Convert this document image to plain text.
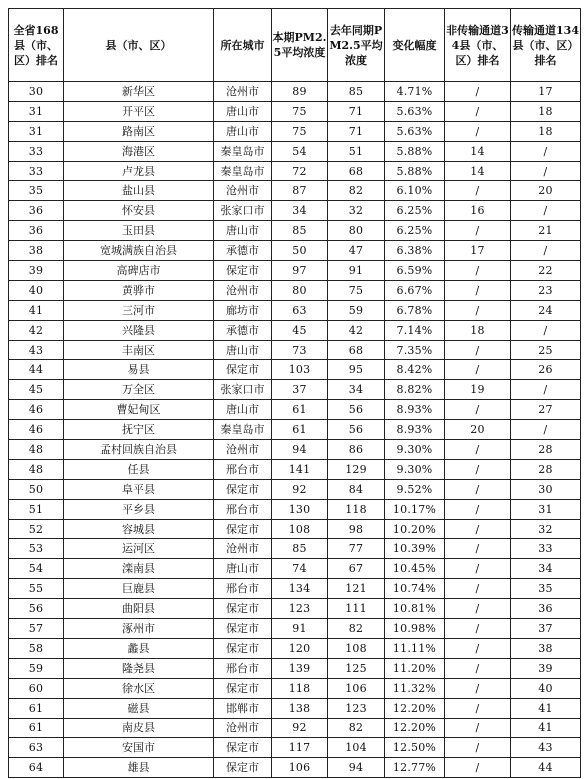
全省168县（市、区）排名	县（市、区）	所在城市	本期PM2.5平均浓度	去年同期PM2.5平均浓度	变化幅度	非传输通道34县（市、区）排名	传输通道134县（市、区）排名
30	新华区	沧州市	89	85	4.71%	/	17
31	开平区	唐山市	75	71	5.63%	/	18
31	路南区	唐山市	75	71	5.63%	/	18
33	海港区	秦皇岛市	54	51	5.88%	14	/
33	卢龙县	秦皇岛市	72	68	5.88%	14	/
35	盐山县	沧州市	87	82	6.10%	/	20
36	怀安县	张家口市	34	32	6.25%	16	/
36	玉田县	唐山市	85	80	6.25%	/	21
38	宽城满族自治县	承德市	50	47	6.38%	17	/
39	高碑店市	保定市	97	91	6.59%	/	22
40	黄骅市	沧州市	80	75	6.67%	/	23
41	三河市	廊坊市	63	59	6.78%	/	24
42	兴隆县	承德市	45	42	7.14%	18	/
43	丰南区	唐山市	73	68	7.35%	/	25
44	易县	保定市	103	95	8.42%	/	26
45	万全区	张家口市	37	34	8.82%	19	/
46	曹妃甸区	唐山市	61	56	8.93%	/	27
46	抚宁区	秦皇岛市	61	56	8.93%	20	/
48	孟村回族自治县	沧州市	94	86	9.30%	/	28
48	任县	邢台市	141	129	9.30%	/	28
50	阜平县	保定市	92	84	9.52%	/	30
51	平乡县	邢台市	130	118	10.17%	/	31
52	容城县	保定市	108	98	10.20%	/	32
53	运河区	沧州市	85	77	10.39%	/	33
54	滦南县	唐山市	74	67	10.45%	/	34
55	巨鹿县	邢台市	134	121	10.74%	/	35
56	曲阳县	保定市	123	111	10.81%	/	36
57	涿州市	保定市	91	82	10.98%	/	37
58	蠡县	保定市	120	108	11.11%	/	38
59	隆尧县	邢台市	139	125	11.20%	/	39
60	徐水区	保定市	118	106	11.32%	/	40
61	磁县	邯郸市	138	123	12.20%	/	41
61	南皮县	沧州市	92	82	12.20%	/	41
63	安国市	保定市	117	104	12.50%	/	43
64	雄县	保定市	106	94	12.77%	/	44
